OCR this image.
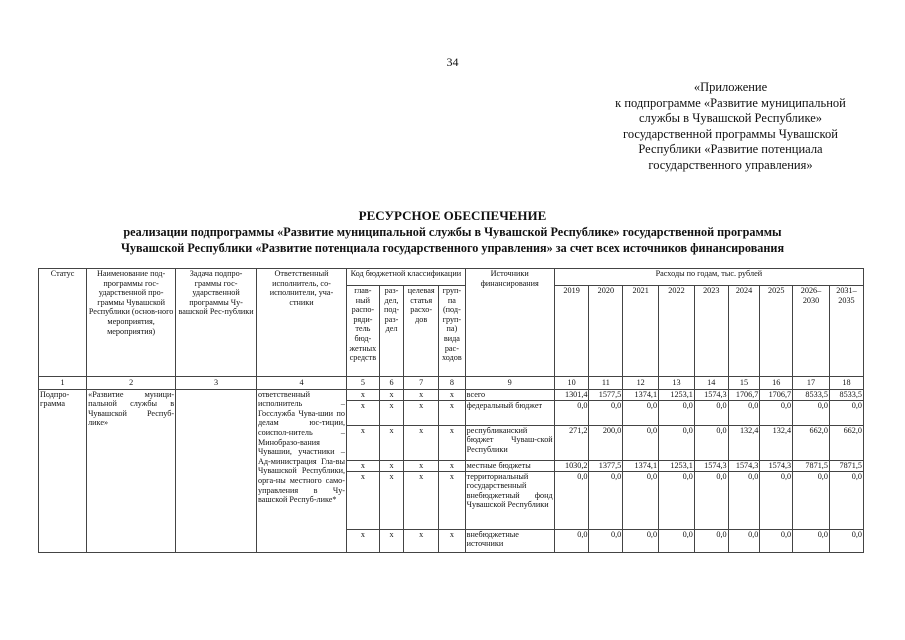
34
«Приложение
к подпрограмме «Развитие муниципальной
службы в Чувашской Республике»
государственной программы Чувашской
Республики «Развитие потенциала
государственного управления»
РЕСУРСНОЕ ОБЕСПЕЧЕНИЕ
реализации подпрограммы «Развитие муниципальной службы в Чувашской Республике» государственной программы
Чувашской Республики «Развитие потенциала государственного управления» за счет всех источников финансирования
Статус	Наименование под-программы гос-ударственной про-граммы Чувашской Республики (основ-ного мероприятия, мероприятия)	Задача подпро-граммы гос-ударственной программы Чу-вашской Рес-публики	Ответственный исполнитель, со-исполнители, уча-стники	Код бюджетной классификации				Источники финансирования	Расходы по годам, тыс. рублей								
				глав-ный распо-ряди-тель бюд-жетных средств	раз-дел, под-раз-дел	целевая статья расхо-дов	груп-па (под-груп-па) вида рас-ходов		2019	2020	2021	2022	2023	2024	2025	2026–2030	2031–2035
1	2	3	4	5	6	7	8	9	10	11	12	13	14	15	16	17	18
Подпро-грамма	«Развитие муници-пальной службы в Чувашской Респуб-лике»		ответственный исполнитель – Госслужба Чува-шии по делам юс-тиции, соиспол-нитель – Минобразо-вания Чувашии, участники – Ад-министрация Гла-вы Чувашской Республики, орга-ны местного само-управления в Чу-вашской Респуб-лике*	х	х	х	х	всего	1301,4	1577,5	1374,1	1253,1	1574,3	1706,7	1706,7	8533,5	8533,5
				х	х	х	х	федеральный бюджет	0,0	0,0	0,0	0,0	0,0	0,0	0,0	0,0	0,0
				х	х	х	х	республиканский бюджет Чуваш-ской Республики	271,2	200,0	0,0	0,0	0,0	132,4	132,4	662,0	662,0
				х	х	х	х	местные бюджеты	1030,2	1377,5	1374,1	1253,1	1574,3	1574,3	1574,3	7871,5	7871,5
				х	х	х	х	территориальный государственный внебюджетный фонд Чувашской Республики	0,0	0,0	0,0	0,0	0,0	0,0	0,0	0,0	0,0
				х	х	х	х	внебюджетные источники	0,0	0,0	0,0	0,0	0,0	0,0	0,0	0,0	0,0
